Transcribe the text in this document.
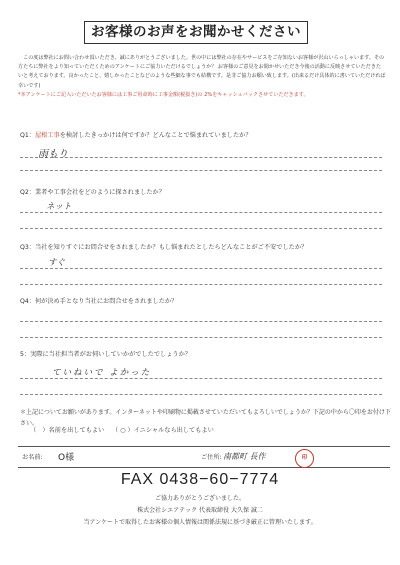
お客様のお声をお聞かせください
この度は弊社にお問い合わせ頂いただき、誠にありがとうございました。世の中には弊社の存在やサービスをご存知ないお客様が沢山いらっしゃいます。その方たちに弊社をより知っていただくためのアンケートにご協力いただけるでしょうか？ お客様のご意見をお聞かせいただき今後の活動に反映させていただきたいと考えております。良かったこと、嬉しかったことなどのような些細な事でも結構です。是非ご協力お願い致します。(出来るだけ具体的に書いていただければ幸いです)
*本アンケートにご記入いただいたお客様には工事ご用命時に工事金額(税抜き)の 2%をキャッシュバックさせていただきます。
Q1：屋根工事を検討したきっかけは何ですか？どんなことで悩まれていましたか？
雨もり
Q2：業者や工事会社をどのように探されましたか？
ネット
Q3：当社を知りすぐにお問合せをされましたか？もし悩まれたとしたらどんなことがご不安でしたか？
すぐ
Q4：何が決め手となり当社にお問合せをされましたか？
5：実際に当社担当者がお伺いしていかがでしたでしょうか？
ていねいで よかった
＊上記についてお願いがあります。インターネットや印刷物に掲載させていただいてもよろしいでしょうか？下記の中から〇印をお付け下さい。
（　）名前を出してもよい （ ○ ）イニシャルなら出してもよい
お名前: O様	ご住所: 南都町 長作	印
FAX 0438−60−7774
ご協力ありがとうございました。
株式会社シエアテック 代表取締役 大久保 誠二
当アンケートで取得したお客様の個人情報は関係法規に基づき厳正に管理いたします。
